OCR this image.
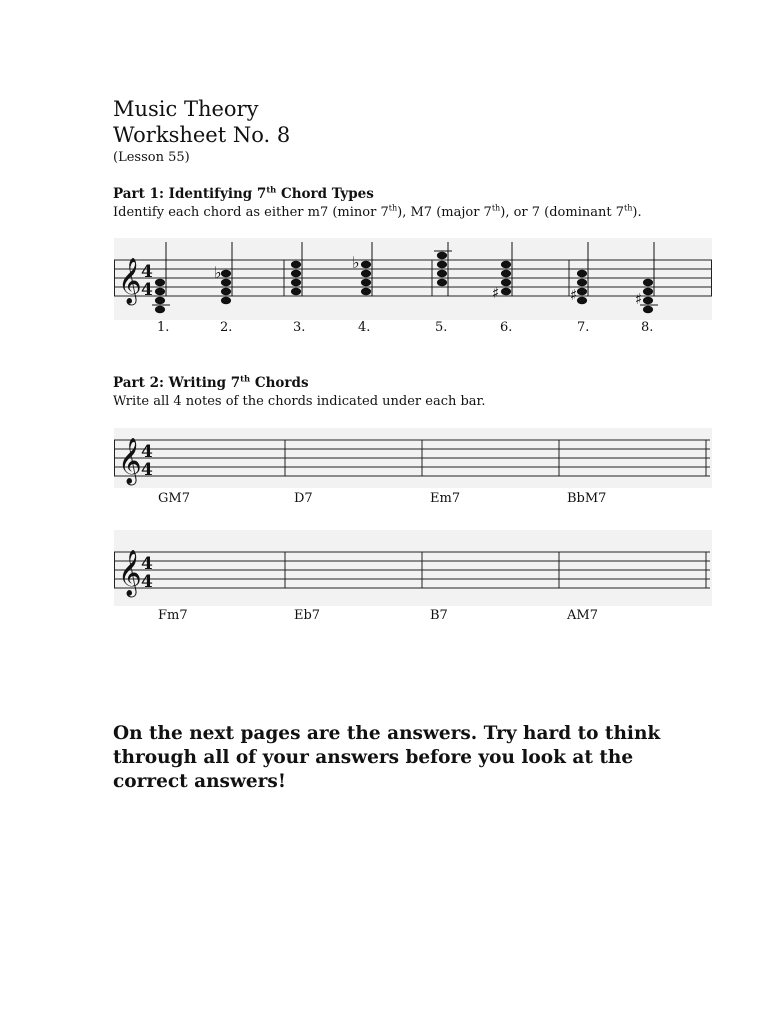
Music Theory
Worksheet No. 8
(Lesson 55)
Part 1: Identifying 7th Chord Types
Identify each chord as either m7 (minor 7th), M7 (major 7th), or 7 (dominant 7th).
𝄞 4
4
♭
♭
♯	♯	♯
1.	2.	3.	4.	5.	6.	7.	8.
Part 2: Writing 7th Chords
Write all 4 notes of the chords indicated under each bar.
𝄞 4
4
GM7	D7	Em7	BbM7
𝄞 4
4
Fm7	Eb7	B7	AM7
On the next pages are the answers. Try hard to think through all of your answers before you look at the correct answers!
